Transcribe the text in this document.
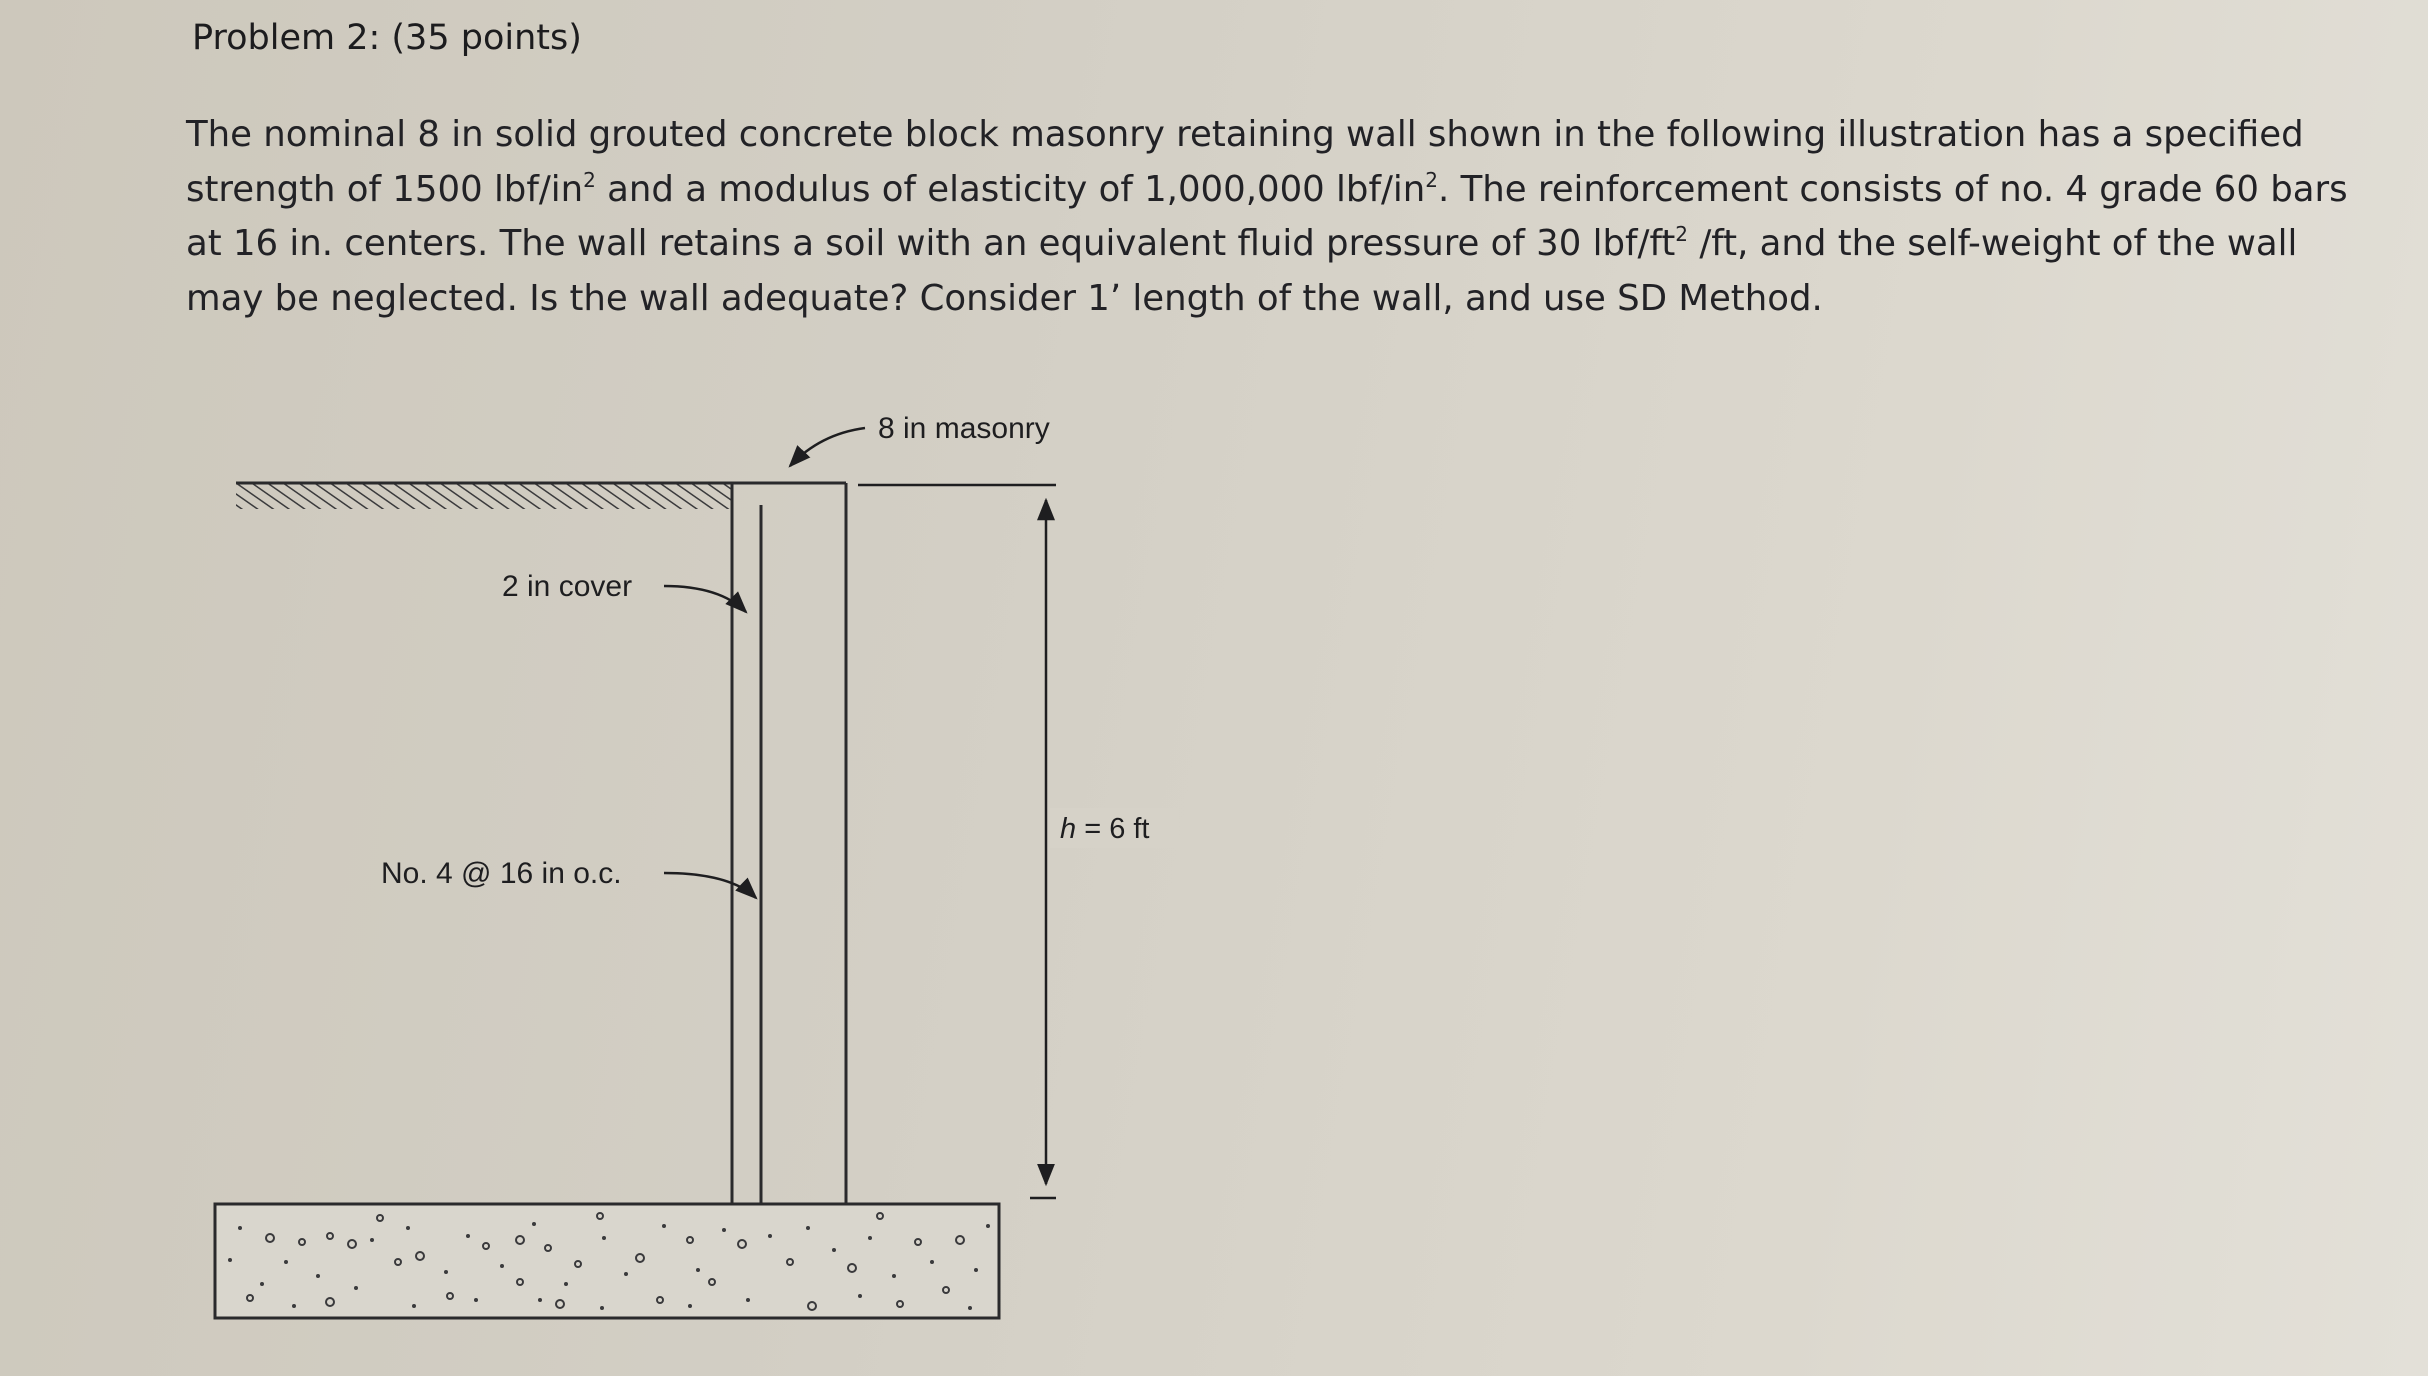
Problem 2: (35 points)
The nominal 8 in solid grouted concrete block masonry retaining wall shown in the following illustration has a specified
strength of 1500 lbf/$in^2$ and a modulus of elasticity of 1,000,000 lbf/$in^2$. The reinforcement consists of no. 4 grade 60 bars
at 16 in. centers. The wall retains a soil with an equivalent fluid pressure of 30 lbf/$ft^2$ /ft, and the self-weight of the wall
may be neglected. Is the wall adequate? Consider 1’ length of the wall, and use SD Method.
h = 6 ft
8 in masonry
2 in cover
No. 4 @ 16 in o.c.
